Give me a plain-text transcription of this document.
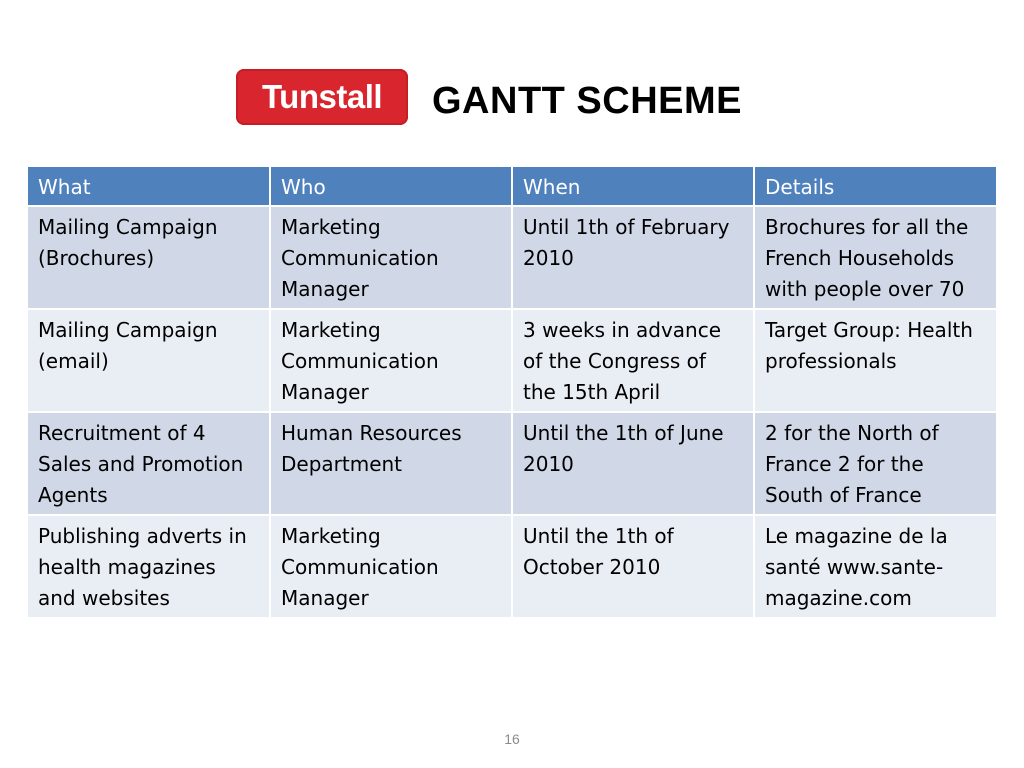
Tunstall GANTT SCHEME
What	Who	When	Details
Mailing Campaign (Brochures)	Marketing Communication Manager	Until 1th of February 2010	Brochures for all the French Households with people over 70
Mailing Campaign (email)	Marketing Communication Manager	3 weeks in advance of the Congress of the 15th April	Target Group: Health professionals
Recruitment of 4 Sales and Promotion Agents	Human Resources Department	Until the 1th of June 2010	2 for the North of France 2 for the South of France
Publishing adverts in health magazines and websites	Marketing Communication Manager	Until the 1th of October 2010	Le magazine de la santé www.sante-magazine.com
16
